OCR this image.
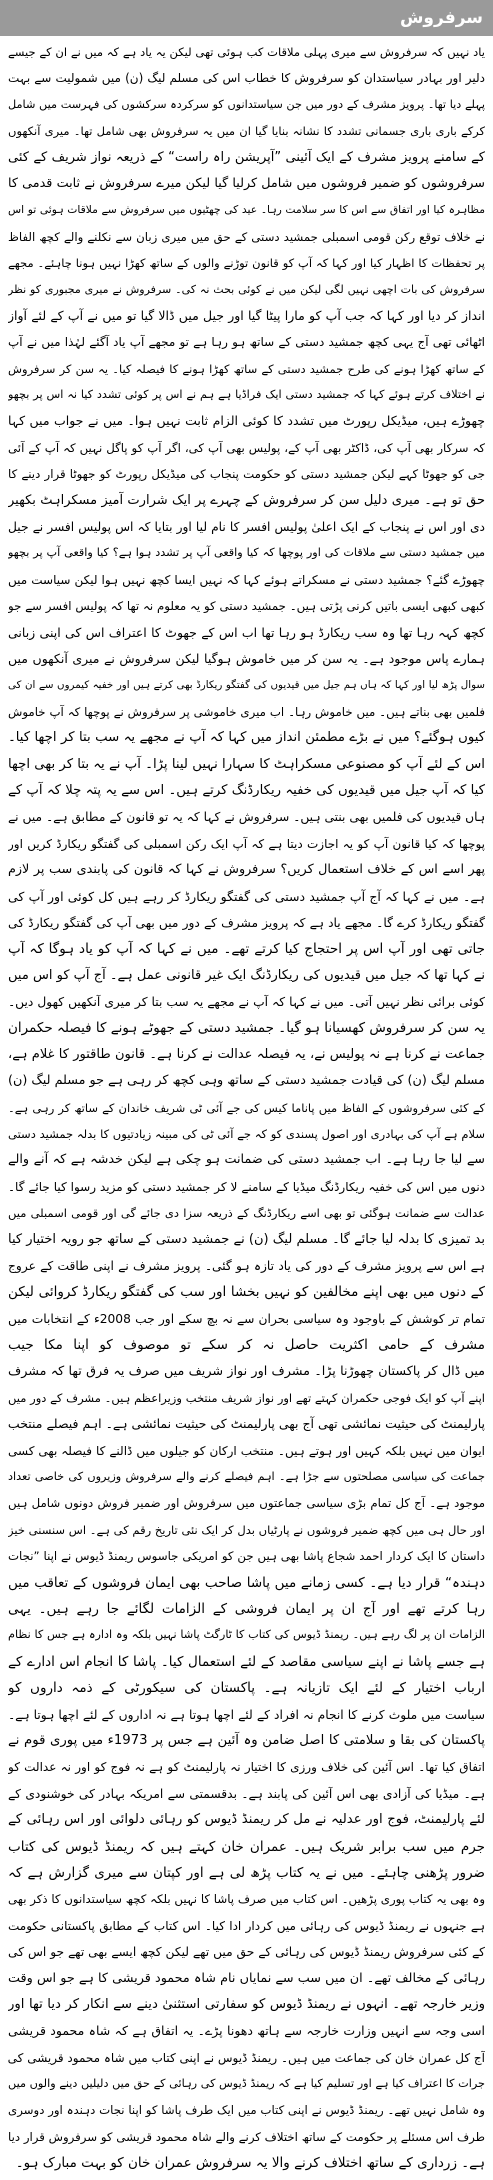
سرفروش
یاد نہیں کہ سرفروش سے میری پہلی ملاقات کب ہوئی تھی لیکن یہ یاد ہے کہ میں نے ان کے جیسے
دلیر اور بہادر سیاستدان کو سرفروش کا خطاب اس کی مسلم لیگ (ن) میں شمولیت سے بہت
پہلے دیا تھا۔ پرویز مشرف کے دور میں جن سیاستدانوں کو سرکردہ سرکشوں کی فہرست میں شامل
کرکے باری باری جسمانی تشدد کا نشانہ بنایا گیا ان میں یہ سرفروش بھی شامل تھا۔ میری آنکھوں
کے سامنے پرویز مشرف کے ایک آئینی ”آپریشن راہ راست“ کے ذریعہ نواز شریف کے کئی
سرفروشوں کو ضمیر فروشوں میں شامل کرلیا گیا لیکن میرے سرفروش نے ثابت قدمی کا
مظاہرہ کیا اور اتفاق سے اس کا سر سلامت رہا۔ عید کی چھٹیوں میں سرفروش سے ملاقات ہوئی تو اس
نے خلاف توقع رکن قومی اسمبلی جمشید دستی کے حق میں میری زبان سے نکلنے والے کچھ الفاظ
پر تحفظات کا اظہار کیا اور کہا کہ آپ کو قانون توڑنے والوں کے ساتھ کھڑا نہیں ہونا چاہئے۔ مجھے
سرفروش کی بات اچھی نہیں لگی لیکن میں نے کوئی بحث نہ کی۔ سرفروش نے میری مجبوری کو نظر
انداز کر دیا اور کہا کہ جب آپ کو مارا پیٹا گیا اور جیل میں ڈالا گیا تو میں نے آپ کے لئے آواز
اٹھائی تھی آج یہی کچھ جمشید دستی کے ساتھ ہو رہا ہے تو مجھے آپ یاد آگئے لہٰذا میں نے آپ
کے ساتھ کھڑا ہونے کی طرح جمشید دستی کے ساتھ کھڑا ہونے کا فیصلہ کیا۔ یہ سن کر سرفروش
نے اختلاف کرتے ہوئے کہا کہ جمشید دستی ایک فراڈیا ہے ہم نے اس پر کوئی تشدد کیا نہ اس پر بچھو
چھوڑے ہیں، میڈیکل رپورٹ میں تشدد کا کوئی الزام ثابت نہیں ہوا۔ میں نے جواب میں کہا
کہ سرکار بھی آپ کی، ڈاکٹر بھی آپ کے، پولیس بھی آپ کی، اگر آپ کو پاگل نہیں کہ آپ کے آئی
جی کو جھوٹا کہے لیکن جمشید دستی کو حکومت پنجاب کی میڈیکل رپورٹ کو جھوٹا قرار دینے کا
حق تو ہے۔ میری دلیل سن کر سرفروش کے چہرے پر ایک شرارت آمیز مسکراہٹ بکھیر
دی اور اس نے پنجاب کے ایک اعلیٰ پولیس افسر کا نام لیا اور بتایا کہ اس پولیس افسر نے جیل
میں جمشید دستی سے ملاقات کی اور پوچھا کہ کیا واقعی آپ پر تشدد ہوا ہے؟ کیا واقعی آپ پر بچھو
چھوڑے گئے؟ جمشید دستی نے مسکراتے ہوئے کہا کہ نہیں ایسا کچھ نہیں ہوا لیکن سیاست میں
کبھی کبھی ایسی باتیں کرنی پڑتی ہیں۔ جمشید دستی کو یہ معلوم نہ تھا کہ پولیس افسر سے جو
کچھ کہہ رہا تھا وہ سب ریکارڈ ہو رہا تھا اب اس کے جھوٹ کا اعتراف اس کی اپنی زبانی
ہمارے پاس موجود ہے۔ یہ سن کر میں خاموش ہوگیا لیکن سرفروش نے میری آنکھوں میں
سوال پڑھ لیا اور کہا کہ ہاں ہم جیل میں قیدیوں کی گفتگو ریکارڈ بھی کرتے ہیں اور خفیہ کیمروں سے ان کی
فلمیں بھی بناتے ہیں۔ میں خاموش رہا۔ اب میری خاموشی پر سرفروش نے پوچھا کہ آپ خاموش
کیوں ہوگئے؟ میں نے بڑے مطمئن انداز میں کہا کہ آپ نے مجھے یہ سب بتا کر اچھا کیا۔
اس کے لئے آپ کو مصنوعی مسکراہٹ کا سہارا نہیں لینا پڑا۔ آپ نے یہ بتا کر بھی اچھا
کیا کہ آپ جیل میں قیدیوں کی خفیہ ریکارڈنگ کرتے ہیں۔ اس سے یہ پتہ چلا کہ آپ کے
ہاں قیدیوں کی فلمیں بھی بنتی ہیں۔ سرفروش نے کہا کہ یہ تو قانون کے مطابق ہے۔ میں نے
پوچھا کہ کیا قانون آپ کو یہ اجازت دیتا ہے کہ آپ ایک رکن اسمبلی کی گفتگو ریکارڈ کریں اور
پھر اسے اس کے خلاف استعمال کریں؟ سرفروش نے کہا کہ قانون کی پابندی سب پر لازم
ہے۔ میں نے کہا کہ آج آپ جمشید دستی کی گفتگو ریکارڈ کر رہے ہیں کل کوئی اور آپ کی
گفتگو ریکارڈ کرے گا۔ مجھے یاد ہے کہ پرویز مشرف کے دور میں بھی آپ کی گفتگو ریکارڈ کی
جاتی تھی اور آپ اس پر احتجاج کیا کرتے تھے۔ میں نے کہا کہ آپ کو یاد ہوگا کہ آپ
نے کہا تھا کہ جیل میں قیدیوں کی ریکارڈنگ ایک غیر قانونی عمل ہے۔ آج آپ کو اس میں
کوئی برائی نظر نہیں آتی۔ میں نے کہا کہ آپ نے مجھے یہ سب بتا کر میری آنکھیں کھول دیں۔
یہ سن کر سرفروش کھسیانا ہو گیا۔ جمشید دستی کے جھوٹے ہونے کا فیصلہ حکمران
جماعت نے کرنا ہے نہ پولیس نے، یہ فیصلہ عدالت نے کرنا ہے۔ قانون طاقتور کا غلام ہے،
مسلم لیگ (ن) کی قیادت جمشید دستی کے ساتھ وہی کچھ کر رہی ہے جو مسلم لیگ (ن)
کے کئی سرفروشوں کے الفاظ میں پاناما کیس کی جے آئی ٹی شریف خاندان کے ساتھ کر رہی ہے۔
سلام ہے آپ کی بہادری اور اصول پسندی کو کہ جے آئی ٹی کی مبینہ زیادتیوں کا بدلہ جمشید دستی
سے لیا جا رہا ہے۔ اب جمشید دستی کی ضمانت ہو چکی ہے لیکن خدشہ ہے کہ آنے والے
دنوں میں اس کی خفیہ ریکارڈنگ میڈیا کے سامنے لا کر جمشید دستی کو مزید رسوا کیا جائے گا۔
عدالت سے ضمانت ہوگئی تو بھی اسے ریکارڈنگ کے ذریعہ سزا دی جائے گی اور قومی اسمبلی میں
بد تمیزی کا بدلہ لیا جائے گا۔ مسلم لیگ (ن) نے جمشید دستی کے ساتھ جو رویہ اختیار کیا
ہے اس سے پرویز مشرف کے دور کی یاد تازہ ہو گئی۔ پرویز مشرف نے اپنی طاقت کے عروج
کے دنوں میں بھی اپنے مخالفین کو نہیں بخشا اور سب کی گفتگو ریکارڈ کروائی لیکن
تمام تر کوشش کے باوجود وہ سیاسی بحران سے نہ بچ سکے اور جب 2008ء کے انتخابات میں
مشرف کے حامی اکثریت حاصل نہ کر سکے تو موصوف کو اپنا مکا جیب
میں ڈال کر پاکستان چھوڑنا پڑا۔ مشرف اور نواز شریف میں صرف یہ فرق تھا کہ مشرف
اپنے آپ کو ایک فوجی حکمران کہتے تھے اور نواز شریف منتخب وزیراعظم ہیں۔ مشرف کے دور میں
پارلیمنٹ کی حیثیت نمائشی تھی آج بھی پارلیمنٹ کی حیثیت نمائشی ہے۔ اہم فیصلے منتخب
ایوان میں نہیں بلکہ کہیں اور ہوتے ہیں۔ منتخب ارکان کو جیلوں میں ڈالنے کا فیصلہ بھی کسی
جماعت کی سیاسی مصلحتوں سے جڑا ہے۔ اہم فیصلے کرنے والے سرفروش وزیروں کی خاصی تعداد
موجود ہے۔ آج کل تمام بڑی سیاسی جماعتوں میں سرفروش اور ضمیر فروش دونوں شامل ہیں
اور حال ہی میں کچھ ضمیر فروشوں نے پارٹیاں بدل کر ایک نئی تاریخ رقم کی ہے۔ اس سنسنی خیز
داستان کا ایک کردار احمد شجاع پاشا بھی ہیں جن کو امریکی جاسوس ریمنڈ ڈیوس نے اپنا ”نجات
دہندہ“ قرار دیا ہے۔ کسی زمانے میں پاشا صاحب بھی ایمان فروشوں کے تعاقب میں
رہا کرتے تھے اور آج ان پر ایمان فروشی کے الزامات لگائے جا رہے ہیں۔ یہی
الزامات ان پر لگ رہے ہیں۔ ریمنڈ ڈیوس کی کتاب کا ٹارگٹ پاشا نہیں بلکہ وہ ادارہ ہے جس کا نظام
ہے جسے پاشا نے اپنے سیاسی مقاصد کے لئے استعمال کیا۔ پاشا کا انجام اس ادارے کے
ارباب اختیار کے لئے ایک تازیانہ ہے۔ پاکستان کی سیکورٹی کے ذمہ داروں کو
سیاست میں ملوث کرنے کا انجام نہ افراد کے لئے اچھا ہوتا ہے نہ اداروں کے لئے اچھا ہوتا ہے۔
پاکستان کی بقا و سلامتی کا اصل ضامن وہ آئین ہے جس پر 1973ء میں پوری قوم نے
اتفاق کیا تھا۔ اس آئین کی خلاف ورزی کا اختیار نہ پارلیمنٹ کو ہے نہ فوج کو اور نہ عدالت کو
ہے۔ میڈیا کی آزادی بھی اس آئین کی پابند ہے۔ بدقسمتی سے امریکہ بہادر کی خوشنودی کے
لئے پارلیمنٹ، فوج اور عدلیہ نے مل کر ریمنڈ ڈیوس کو رہائی دلوائی اور اس رہائی کے
جرم میں سب برابر شریک ہیں۔ عمران خان کہتے ہیں کہ ریمنڈ ڈیوس کی کتاب
ضرور پڑھنی چاہئے۔ میں نے یہ کتاب پڑھ لی ہے اور کپتان سے میری گزارش ہے کہ
وہ بھی یہ کتاب پوری پڑھیں۔ اس کتاب میں صرف پاشا کا نہیں بلکہ کچھ سیاستدانوں کا ذکر بھی
ہے جنہوں نے ریمنڈ ڈیوس کی رہائی میں کردار ادا کیا۔ اس کتاب کے مطابق پاکستانی حکومت
کے کئی سرفروش ریمنڈ ڈیوس کی رہائی کے حق میں تھے لیکن کچھ ایسے بھی تھے جو اس کی
رہائی کے مخالف تھے۔ ان میں سب سے نمایاں نام شاہ محمود قریشی کا ہے جو اس وقت
وزیر خارجہ تھے۔ انہوں نے ریمنڈ ڈیوس کو سفارتی استثنیٰ دینے سے انکار کر دیا تھا اور
اسی وجہ سے انہیں وزارت خارجہ سے ہاتھ دھونا پڑے۔ یہ اتفاق ہے کہ شاہ محمود قریشی
آج کل عمران خان کی جماعت میں ہیں۔ ریمنڈ ڈیوس نے اپنی کتاب میں شاہ محمود قریشی کی
جرات کا اعتراف کیا ہے اور تسلیم کیا ہے کہ ریمنڈ ڈیوس کی رہائی کے حق میں دلیلیں دینے والوں میں
وہ شامل نہیں تھے۔ ریمنڈ ڈیوس نے اپنی کتاب میں ایک طرف پاشا کو اپنا نجات دہندہ اور دوسری
طرف اس مسئلے پر حکومت کے ساتھ اختلاف کرنے والے شاہ محمود قریشی کو سرفروش قرار دیا
ہے۔ زرداری کے ساتھ اختلاف کرنے والا یہ سرفروش عمران خان کو بہت مبارک ہو۔
